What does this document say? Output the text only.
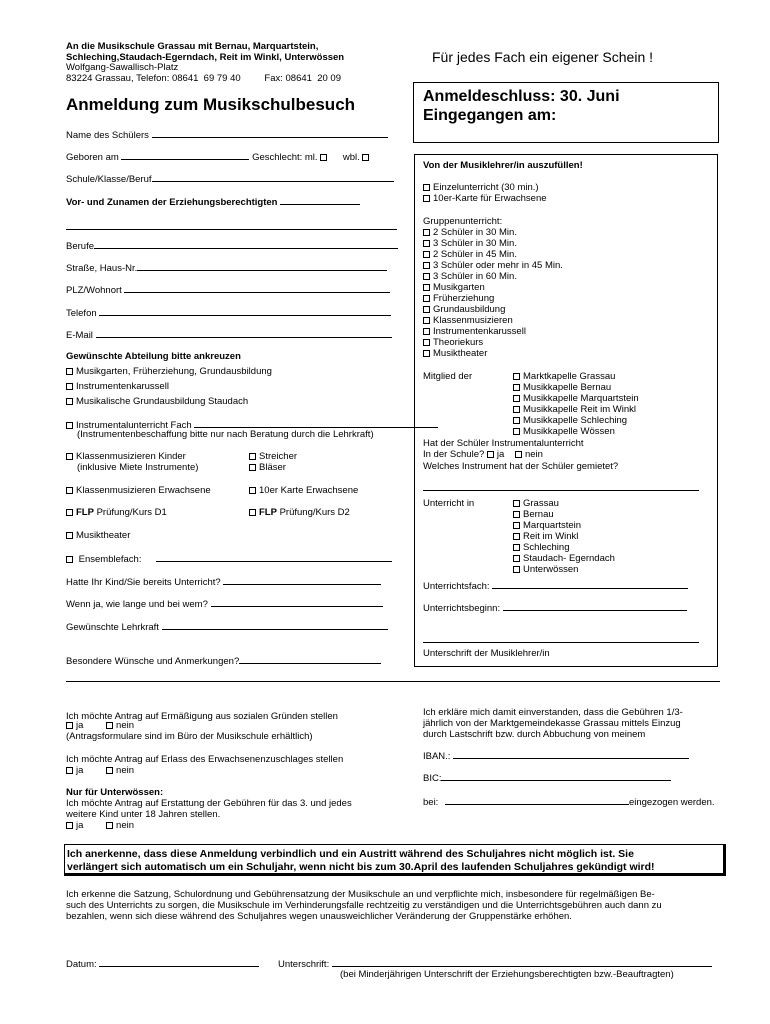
An die Musikschule Grassau mit Bernau, Marquartstein,
Schleching,Staudach-Egerndach, Reit im Winkl, Unterwössen
Wolfgang-Sawallisch-Platz
83224 Grassau, Telefon: 08641  69 79 40         Fax: 08641  20 09
Für jedes Fach ein eigener Schein !
Anmeldung zum Musikschulbesuch	Anmeldeschluss: 30. Juni
Eingegangen am:
Name des Schülers
Geboren am	Geschlecht: ml.	wbl.
Schule/Klasse/Beruf
Vor- und Zunamen der Erziehungsberechtigten
Berufe
Straße, Haus-Nr.
PLZ/Wohnort
Telefon
E-Mail
Gewünschte Abteilung bitte ankreuzen
Musikgarten, Früherziehung, Grundausbildung
Instrumentenkarussell
Musikalische Grundausbildung Staudach
Instrumentalunterricht Fach
(Instrumentenbeschaffung bitte nur nach Beratung durch die Lehrkraft)
Klassenmusizieren Kinder
(inklusive Miete Instrumente)
Streicher
Bläser
Klassenmusizieren Erwachsene	10er Karte Erwachsene
FLP Prüfung/Kurs D1	FLP Prüfung/Kurs D2
Musiktheater
Ensemblefach:
Hatte Ihr Kind/Sie bereits Unterricht?
Wenn ja, wie lange und bei wem?
Gewünschte Lehrkraft
Besondere Wünsche und Anmerkungen?
Von der Musiklehrer/in auszufüllen!
Einzelunterricht (30 min.)
10er-Karte für Erwachsene
Gruppenunterricht:
2 Schüler in 30 Min.
3 Schüler in 30 Min.
2 Schüler in 45 Min.
3 Schüler oder mehr in 45 Min.
3 Schüler in 60 Min.
Musikgarten
Früherziehung
Grundausbildung
Klassenmusizieren
Instrumentenkarussell
Theoriekurs
Musiktheater
Mitglied der	Marktkapelle Grassau
Musikkapelle Bernau
Musikkapelle Marquartstein
Musikkapelle Reit im Winkl
Musikkapelle Schleching
Musikkapelle Wössen
Hat der Schüler Instrumentalunterricht
In der Schule? ja nein
Welches Instrument hat der Schüler gemietet?
Unterricht in	Grassau
Bernau
Marquartstein
Reit im Winkl
Schleching
Staudach- Egerndach
Unterwössen
Unterrichtsfach:
Unterrichtsbeginn:
Unterschrift der Musiklehrer/in
Ich möchte Antrag auf Ermäßigung aus sozialen Gründen stellen
ja	nein
(Antragsformulare sind im Büro der Musikschule erhältlich)
Ich möchte Antrag auf Erlass des Erwachsenenzuschlages stellen
ja	nein
Nur für Unterwössen:
Ich möchte Antrag auf Erstattung der Gebühren für das 3. und jedes
weitere Kind unter 18 Jahren stellen.
ja	nein
Ich erkläre mich damit einverstanden, dass die Gebühren 1/3-
jährlich von der Marktgemeindekasse Grassau mittels Einzug
durch Lastschrift bzw. durch Abbuchung von meinem
IBAN.:
BIC:
bei:	eingezogen werden.
Ich anerkenne, dass diese Anmeldung verbindlich und ein Austritt während des Schuljahres nicht möglich ist. Sie
verlängert sich automatisch um ein Schuljahr, wenn nicht bis zum 30.April des laufenden Schuljahres gekündigt wird!
Ich erkenne die Satzung, Schulordnung und Gebührensatzung der Musikschule an und verpflichte mich, insbesondere für regelmäßigen Be-
such des Unterrichts zu sorgen, die Musikschule im Verhinderungsfalle rechtzeitig zu verständigen und die Unterrichtsgebühren auch dann zu
bezahlen, wenn sich diese während des Schuljahres wegen unausweichlicher Veränderung der Gruppenstärke erhöhen.
Datum:	Unterschrift:
(bei Minderjährigen Unterschrift der Erziehungsberechtigten bzw.-Beauftragten)
